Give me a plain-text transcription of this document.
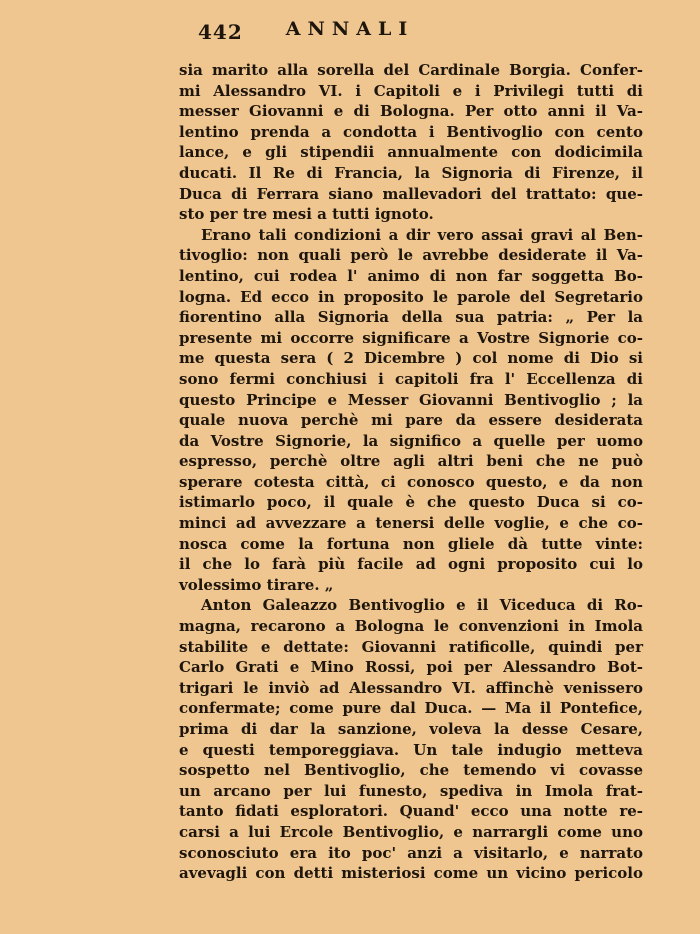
442 ANNALI
sia marito alla sorella del Cardinale Borgia. Confer-
mi Alessandro VI. i Capitoli e i Privilegi tutti di
messer Giovanni e di Bologna. Per otto anni il Va-
lentino prenda a condotta i Bentivoglio con cento
lance, e gli stipendii annualmente con dodicimila
ducati. Il Re di Francia, la Signoria di Firenze, il
Duca di Ferrara siano mallevadori del trattato: que-
sto per tre mesi a tutti ignoto.
Erano tali condizioni a dir vero assai gravi al Ben-
tivoglio: non quali però le avrebbe desiderate il Va-
lentino, cui rodea l' animo di non far soggetta Bo-
logna. Ed ecco in proposito le parole del Segretario
fiorentino alla Signoria della sua patria: „ Per la
presente mi occorre significare a Vostre Signorie co-
me questa sera ( 2 Dicembre ) col nome di Dio si
sono fermi conchiusi i capitoli fra l' Eccellenza di
questo Principe e Messer Giovanni Bentivoglio ; la
quale nuova perchè mi pare da essere desiderata
da Vostre Signorie, la significo a quelle per uomo
espresso, perchè oltre agli altri beni che ne può
sperare cotesta città, ci conosco questo, e da non
istimarlo poco, il quale è che questo Duca si co-
minci ad avvezzare a tenersi delle voglie, e che co-
nosca come la fortuna non gliele dà tutte vinte:
il che lo farà più facile ad ogni proposito cui lo
volessimo tirare. „
Anton Galeazzo Bentivoglio e il Viceduca di Ro-
magna, recarono a Bologna le convenzioni in Imola
stabilite e dettate: Giovanni ratificolle, quindi per
Carlo Grati e Mino Rossi, poi per Alessandro Bot-
trigari le inviò ad Alessandro VI. affinchè venissero
confermate; come pure dal Duca. — Ma il Pontefice,
prima di dar la sanzione, voleva la desse Cesare,
e questi temporeggiava. Un tale indugio metteva
sospetto nel Bentivoglio, che temendo vi covasse
un arcano per lui funesto, spediva in Imola frat-
tanto fidati esploratori. Quand' ecco una notte re-
carsi a lui Ercole Bentivoglio, e narrargli come uno
sconosciuto era ito poc' anzi a visitarlo, e narrato
avevagli con detti misteriosi come un vicino pericolo
